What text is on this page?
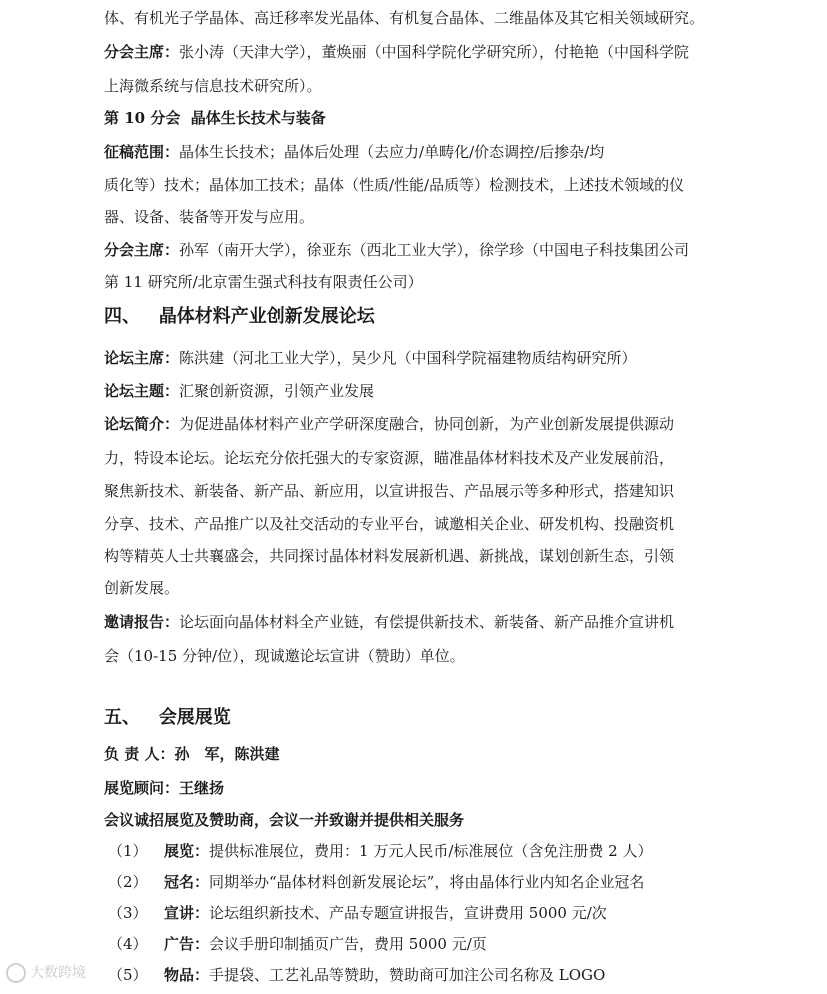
体、有机光子学晶体、高迁移率发光晶体、有机复合晶体、二维晶体及其它相关领域研究。
分会主席：张小涛（天津大学），董焕丽（中国科学院化学研究所），付艳艳（中国科学院
上海微系统与信息技术研究所）。
第 10 分会 晶体生长技术与装备
征稿范围：晶体生长技术；晶体后处理（去应力/单畴化/价态调控/后掺杂/均
质化等）技术；晶体加工技术；晶体（性质/性能/品质等）检测技术，上述技术领域的仪
器、设备、装备等开发与应用。
分会主席：孙军（南开大学），徐亚东（西北工业大学），徐学珍（中国电子科技集团公司
第 11 研究所/北京雷生强式科技有限责任公司）
四、 晶体材料产业创新发展论坛
论坛主席：陈洪建（河北工业大学），吴少凡（中国科学院福建物质结构研究所）
论坛主题：汇聚创新资源，引领产业发展
论坛简介：为促进晶体材料产业产学研深度融合，协同创新，为产业创新发展提供源动
力，特设本论坛。论坛充分依托强大的专家资源，瞄准晶体材料技术及产业发展前沿，
聚焦新技术、新装备、新产品、新应用，以宣讲报告、产品展示等多种形式，搭建知识
分享、技术、产品推广以及社交活动的专业平台，诚邀相关企业、研发机构、投融资机
构等精英人士共襄盛会，共同探讨晶体材料发展新机遇、新挑战，谋划创新生态，引领
创新发展。
邀请报告：论坛面向晶体材料全产业链，有偿提供新技术、新装备、新产品推介宣讲机
会（10-15 分钟/位），现诚邀论坛宣讲（赞助）单位。
五、 会展展览
负 责 人：孙　军，陈洪建
展览顾问：王继扬
会议诚招展览及赞助商，会议一并致谢并提供相关服务
（1） 展览：提供标准展位，费用：1 万元人民币/标准展位（含免注册费 2 人）
（2） 冠名：同期举办“晶体材料创新发展论坛”，将由晶体行业内知名企业冠名
（3） 宣讲：论坛组织新技术、产品专题宣讲报告，宣讲费用 5000 元/次
（4） 广告：会议手册印制插页广告，费用 5000 元/页
（5） 物品：手提袋、工艺礼品等赞助，赞助商可加注公司名称及 LOGO
大数跨境
